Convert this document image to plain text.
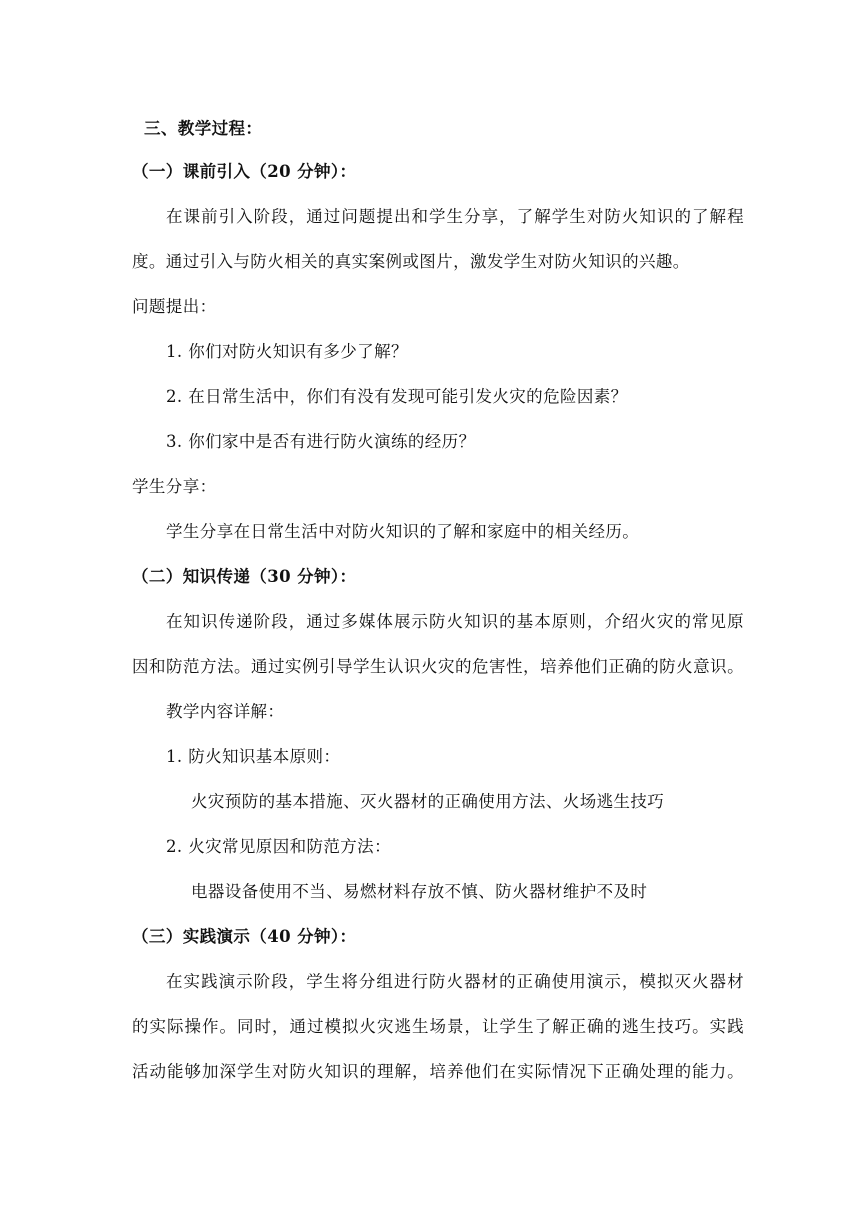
三、教学过程：
（一）课前引入（20 分钟）：
在课前引入阶段，通过问题提出和学生分享，了解学生对防火知识的了解程
度。通过引入与防火相关的真实案例或图片，激发学生对防火知识的兴趣。
问题提出：
1. 你们对防火知识有多少了解？
2. 在日常生活中，你们有没有发现可能引发火灾的危险因素？
3. 你们家中是否有进行防火演练的经历？
学生分享：
学生分享在日常生活中对防火知识的了解和家庭中的相关经历。
（二）知识传递（30 分钟）：
在知识传递阶段，通过多媒体展示防火知识的基本原则，介绍火灾的常见原
因和防范方法。通过实例引导学生认识火灾的危害性，培养他们正确的防火意识。
教学内容详解：
1. 防火知识基本原则：
火灾预防的基本措施、灭火器材的正确使用方法、火场逃生技巧
2. 火灾常见原因和防范方法：
电器设备使用不当、易燃材料存放不慎、防火器材维护不及时
（三）实践演示（40 分钟）：
在实践演示阶段，学生将分组进行防火器材的正确使用演示，模拟灭火器材
的实际操作。同时，通过模拟火灾逃生场景，让学生了解正确的逃生技巧。实践
活动能够加深学生对防火知识的理解，培养他们在实际情况下正确处理的能力。
